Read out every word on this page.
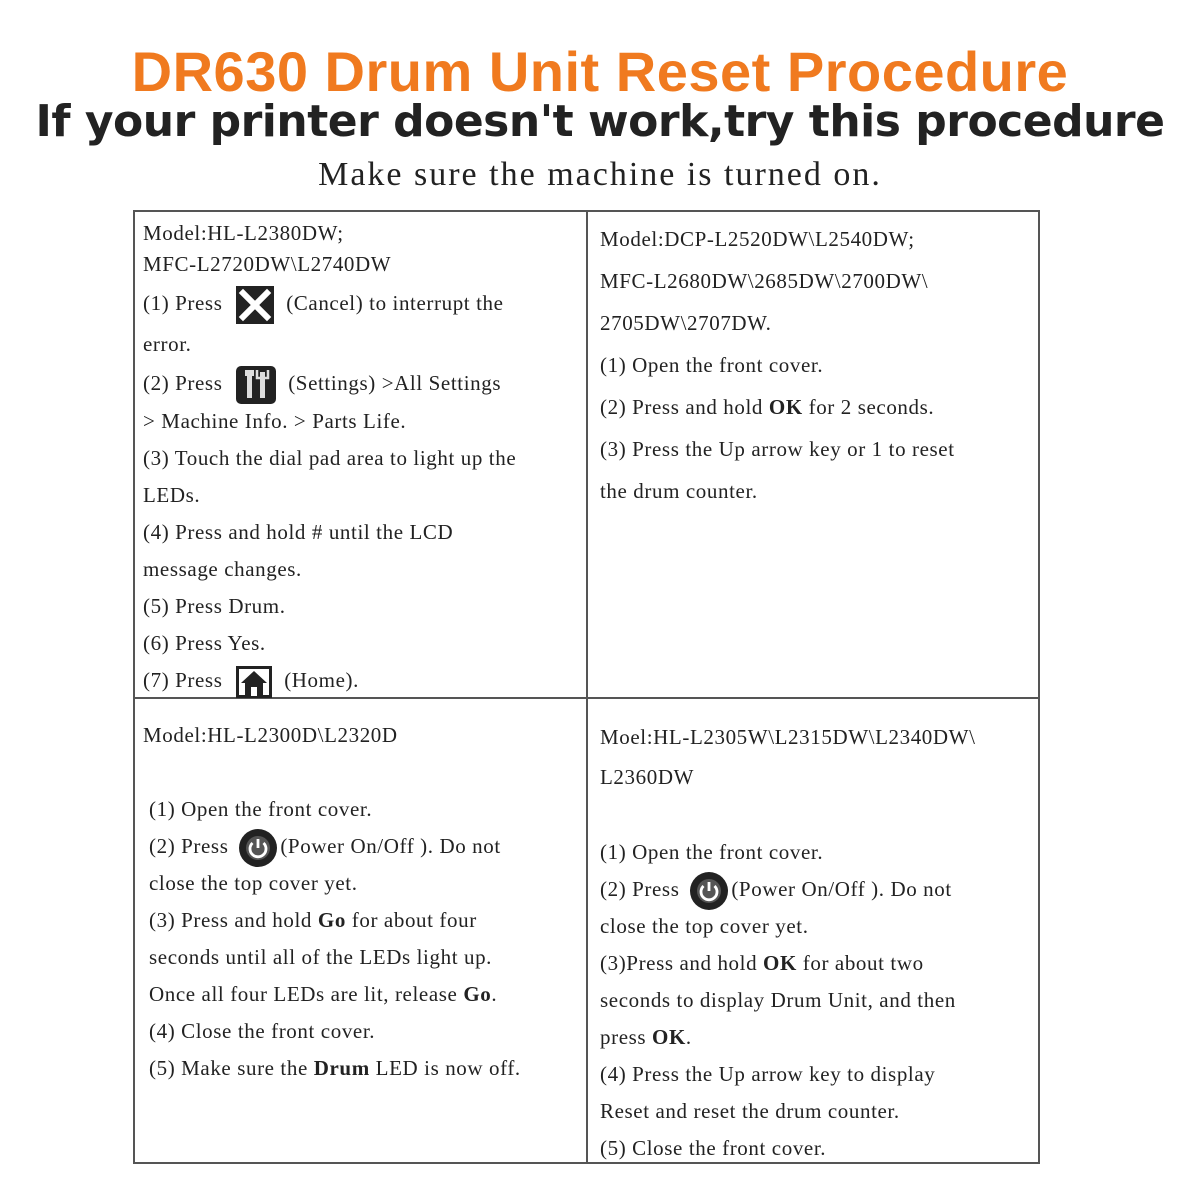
DR630 Drum Unit Reset Procedure
If your printer doesn't work,try this procedure

Make sure the machine is turned on.

Model:HL-L2380DW;
MFC-L2720DW\L2740DW
(1) Press	(Cancel) to interrupt the
error.
(2) Press	(Settings) >All Settings
> Machine Info. > Parts Life.
(3) Touch the dial pad area to light up the
LEDs.
(4) Press and hold # until the LCD
message changes.
(5) Press Drum.
(6) Press Yes.
(7) Press	(Home).
Model:DCP-L2520DW\L2540DW;
MFC-L2680DW\2685DW\2700DW\
2705DW\2707DW.
(1) Open the front cover.
(2) Press and hold OK for 2 seconds.
(3) Press the Up arrow key or 1 to reset
the drum counter.
Model:HL-L2300D\L2320D
(1) Open the front cover.
(2) Press (Power On/Off ). Do not
close the top cover yet.
(3) Press and hold Go for about four
seconds until all of the LEDs light up.
Once all four LEDs are lit, release Go.
(4) Close the front cover.
(5) Make sure the Drum LED is now off.
Moel:HL-L2305W\L2315DW\L2340DW\
L2360DW
(1) Open the front cover.
(2) Press (Power On/Off ). Do not
close the top cover yet.
(3)Press and hold OK for about two
seconds to display Drum Unit, and then
press OK.
(4) Press the Up arrow key to display
Reset and reset the drum counter.
(5) Close the front cover.
